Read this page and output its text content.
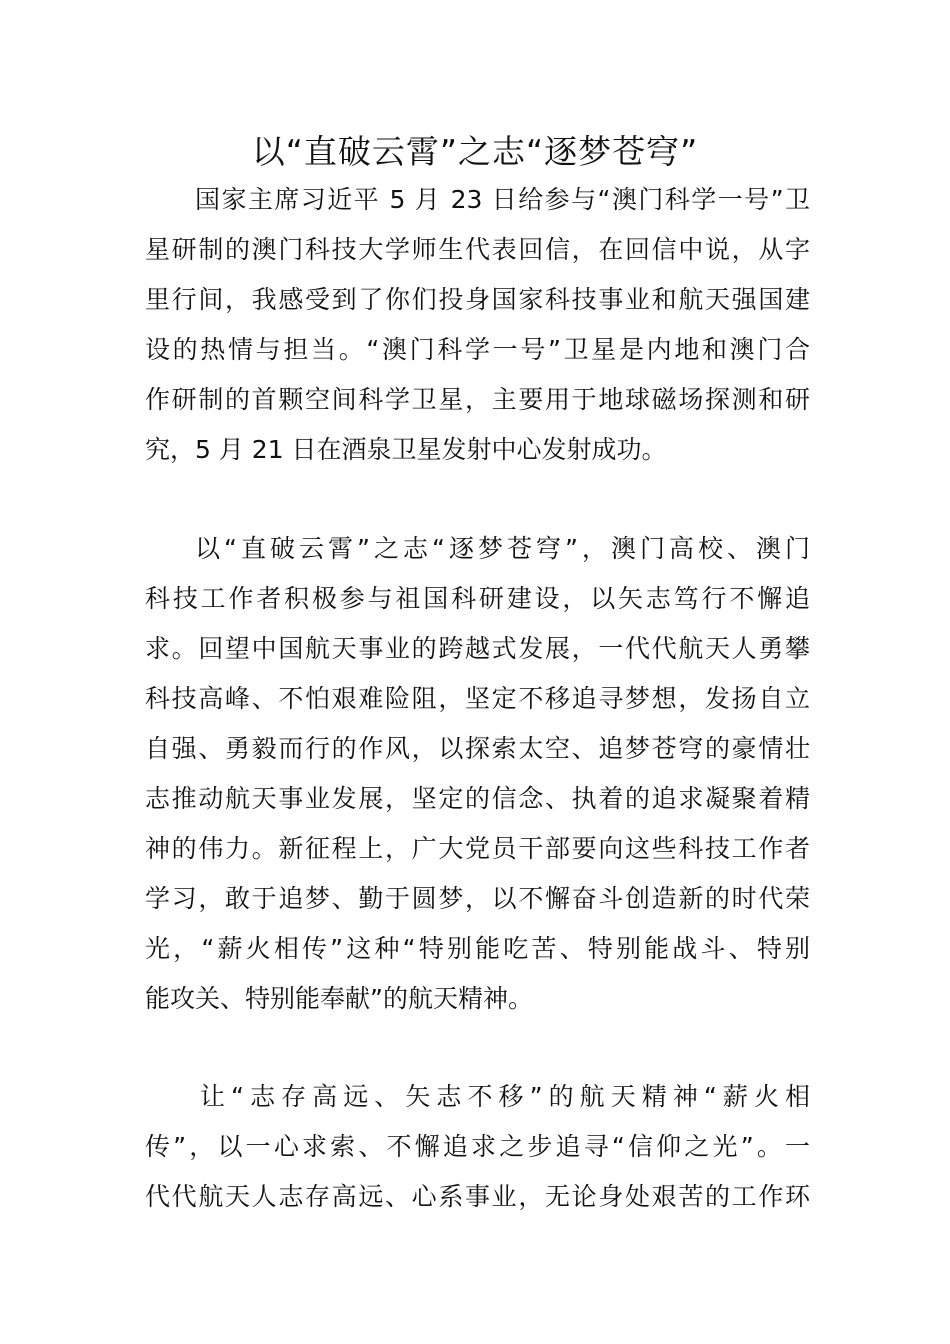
以“直破云霄”之志“逐梦苍穹”

国家主席习近平 5 月 23 日给参与“澳门科学一号”卫

星研制的澳门科技大学师生代表回信，在回信中说，从字

里行间，我感受到了你们投身国家科技事业和航天强国建

设的热情与担当。“澳门科学一号”卫星是内地和澳门合

作研制的首颗空间科学卫星，主要用于地球磁场探测和研

究，5 月 21 日在酒泉卫星发射中心发射成功。

以“直破云霄”之志“逐梦苍穹”，澳门高校、澳门

科技工作者积极参与祖国科研建设，以矢志笃行不懈追

求。回望中国航天事业的跨越式发展，一代代航天人勇攀

科技高峰、不怕艰难险阻，坚定不移追寻梦想，发扬自立

自强、勇毅而行的作风，以探索太空、追梦苍穹的豪情壮

志推动航天事业发展，坚定的信念、执着的追求凝聚着精

神的伟力。新征程上，广大党员干部要向这些科技工作者

学习，敢于追梦、勤于圆梦，以不懈奋斗创造新的时代荣

光，“薪火相传”这种“特别能吃苦、特别能战斗、特别

能攻关、特别能奉献”的航天精神。

让“志存高远、矢志不移”的航天精神“薪火相

传”，以一心求索、不懈追求之步追寻“信仰之光”。一

代代航天人志存高远、心系事业，无论身处艰苦的工作环
